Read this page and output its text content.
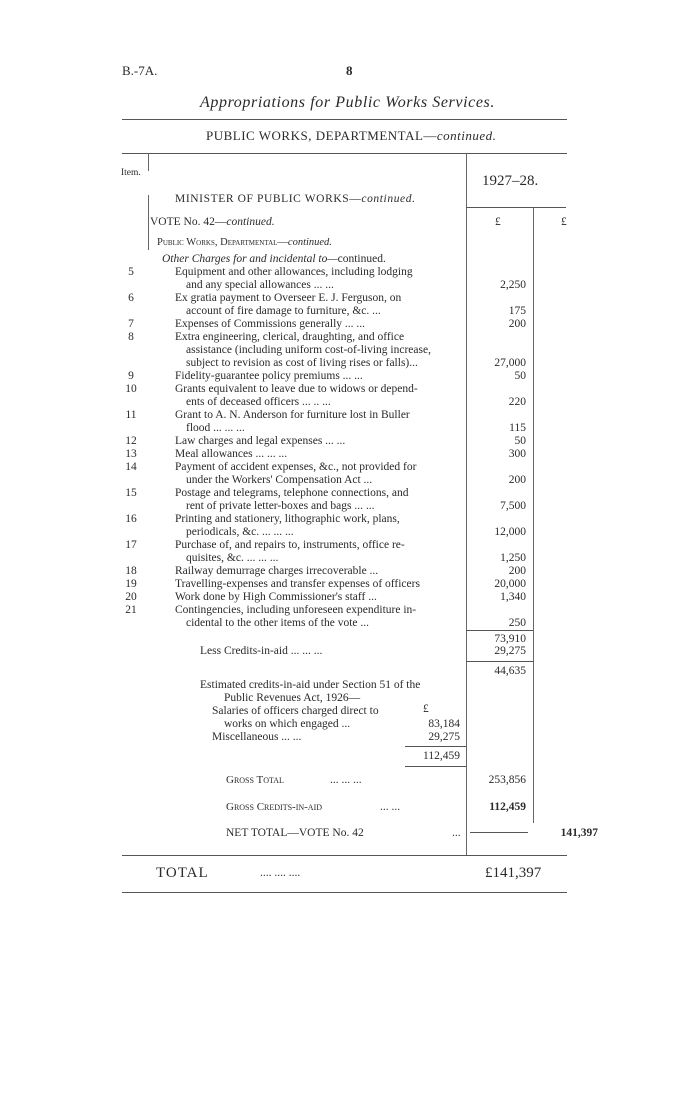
B.-7A.	8
Appropriations for Public Works Services.
PUBLIC WORKS, DEPARTMENTAL—continued.
Item.	1927–28.
MINISTER OF PUBLIC WORKS—continued.
VOTE No. 42—continued.	£	£
Public Works, Departmental—continued.
Other Charges for and incidental to—continued.
5	Equipment and other allowances, including lodging
and any special allowances ... ...	2,250
6	Ex gratia payment to Overseer E. J. Ferguson, on
account of fire damage to furniture, &c. ...	175
7	Expenses of Commissions generally ... ...	200
8	Extra engineering, clerical, draughting, and office
assistance (including uniform cost-of-living increase,
subject to revision as cost of living rises or falls)...	27,000
9	Fidelity-guarantee policy premiums ... ...	50
10	Grants equivalent to leave due to widows or depend-
ents of deceased officers ... .. ...	220
11	Grant to A. N. Anderson for furniture lost in Buller
flood ... ... ...	115
12	Law charges and legal expenses ... ...	50
13	Meal allowances ... ... ...	300
14	Payment of accident expenses, &c., not provided for
under the Workers' Compensation Act ...	200
15	Postage and telegrams, telephone connections, and
rent of private letter-boxes and bags ... ...	7,500
16	Printing and stationery, lithographic work, plans,
periodicals, &c. ... ... ...	12,000
17	Purchase of, and repairs to, instruments, office re-
quisites, &c. ... ... ...	1,250
18	Railway demurrage charges irrecoverable ...	200
19	Travelling-expenses and transfer expenses of officers	20,000
20	Work done by High Commissioner's staff ...	1,340
21	Contingencies, including unforeseen expenditure in-
cidental to the other items of the vote ...	250
73,910
Less Credits-in-aid ... ... ...	29,275
44,635
Estimated credits-in-aid under Section 51 of the
Public Revenues Act, 1926—
£
Salaries of officers charged direct to
works on which engaged ...	83,184
Miscellaneous ... ...	29,275
112,459
Gross Total	... ... ...	253,856
Gross Credits-in-aid	... ...	112,459
NET TOTAL—VOTE No. 42	...	141,397
TOTAL	.... .... ....	£141,397
